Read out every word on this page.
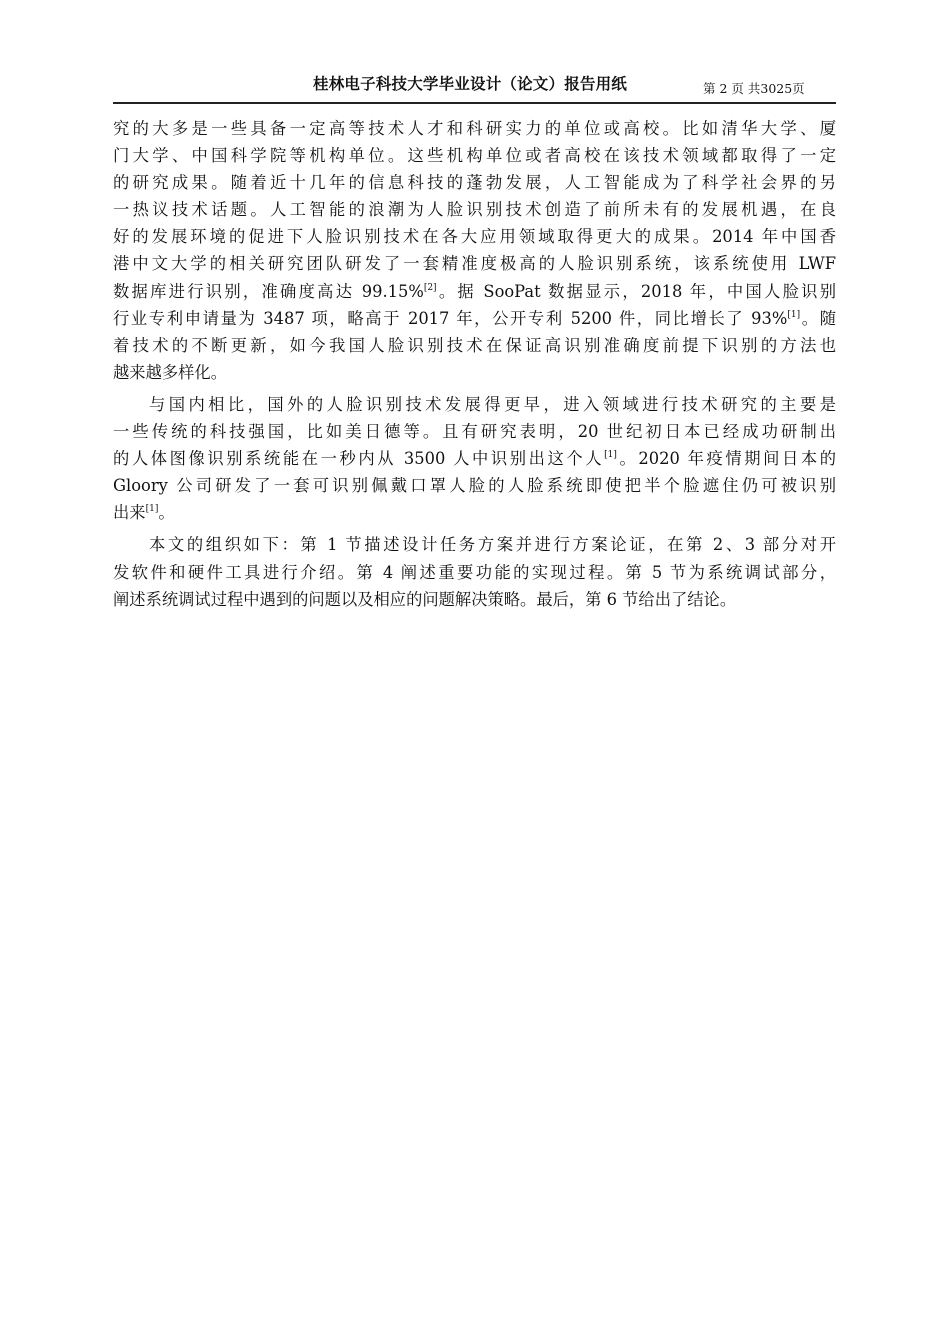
桂林电子科技大学毕业设计（论文）报告用纸	第 2 页 共3025页
究的大多是一些具备一定高等技术人才和科研实力的单位或高校。比如清华大学、厦
门大学、中国科学院等机构单位。这些机构单位或者高校在该技术领域都取得了一定
的研究成果。随着近十几年的信息科技的蓬勃发展，人工智能成为了科学社会界的另
一热议技术话题。人工智能的浪潮为人脸识别技术创造了前所未有的发展机遇，在良
好的发展环境的促进下人脸识别技术在各大应用领域取得更大的成果。2014 年中国香
港中文大学的相关研究团队研发了一套精准度极高的人脸识别系统，该系统使用 LWF
数据库进行识别，准确度高达 99.15%[2]。据 SooPat 数据显示，2018 年，中国人脸识别
行业专利申请量为 3487 项，略高于 2017 年，公开专利 5200 件，同比增长了 93%[1]。随
着技术的不断更新，如今我国人脸识别技术在保证高识别准确度前提下识别的方法也
越来越多样化。
与国内相比，国外的人脸识别技术发展得更早，进入领域进行技术研究的主要是
一些传统的科技强国，比如美日德等。且有研究表明，20 世纪初日本已经成功研制出
的人体图像识别系统能在一秒内从 3500 人中识别出这个人[1]。2020 年疫情期间日本的
Gloory 公司研发了一套可识别佩戴口罩人脸的人脸系统即使把半个脸遮住仍可被识别
出来[1]。
本文的组织如下：第 1 节描述设计任务方案并进行方案论证，在第 2、3 部分对开
发软件和硬件工具进行介绍。第 4 阐述重要功能的实现过程。第 5 节为系统调试部分，
阐述系统调试过程中遇到的问题以及相应的问题解决策略。最后，第 6 节给出了结论。
